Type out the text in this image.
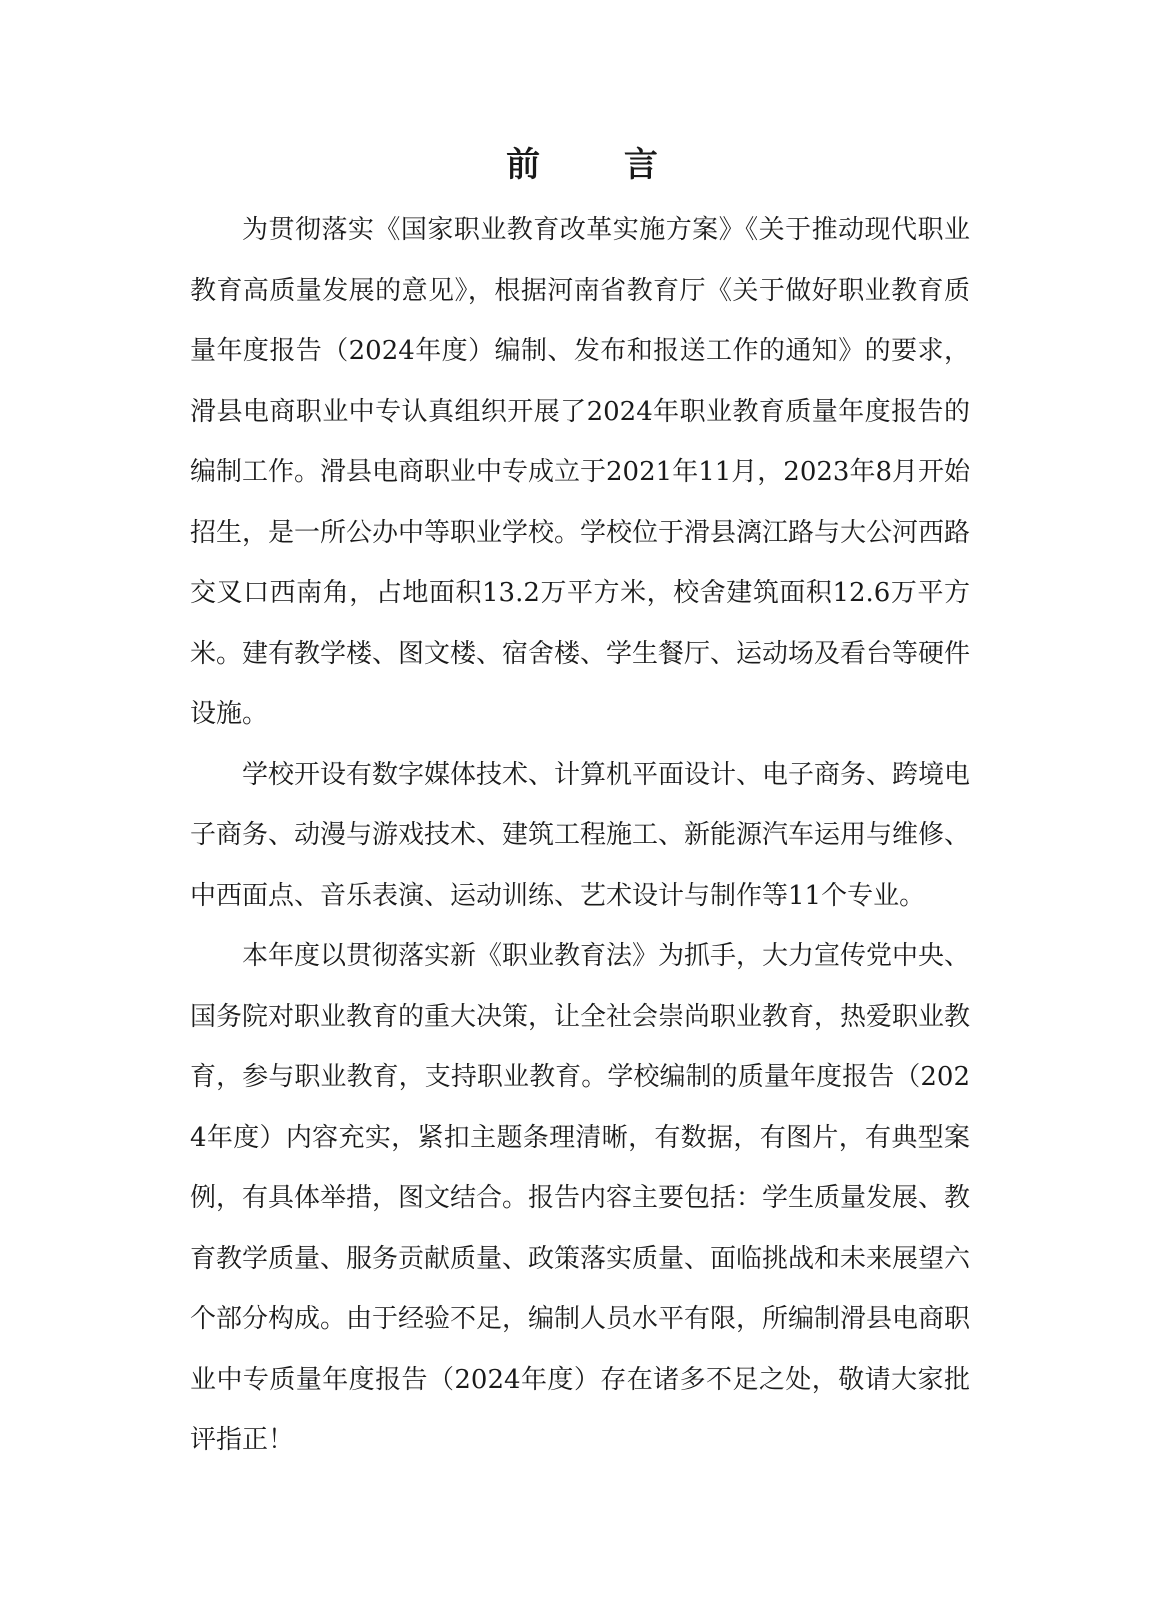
前 言

为贯彻落实《国家职业教育改革实施方案》《关于推动现代职业教育高质量发展的意见》，根据河南省教育厅《关于做好职业教育质量年度报告（2024年度）编制、发布和报送工作的通知》的要求，滑县电商职业中专认真组织开展了2024年职业教育质量年度报告的编制工作。滑县电商职业中专成立于2021年11月，2023年8月开始招生，是一所公办中等职业学校。学校位于滑县漓江路与大公河西路交叉口西南角，占地面积13.2万平方米，校舍建筑面积12.6万平方米。建有教学楼、图文楼、宿舍楼、学生餐厅、运动场及看台等硬件设施。

学校开设有数字媒体技术、计算机平面设计、电子商务、跨境电子商务、动漫与游戏技术、建筑工程施工、新能源汽车运用与维修、中西面点、音乐表演、运动训练、艺术设计与制作等11个专业。

本年度以贯彻落实新《职业教育法》为抓手，大力宣传党中央、国务院对职业教育的重大决策，让全社会崇尚职业教育，热爱职业教育，参与职业教育，支持职业教育。学校编制的质量年度报告（2024年度）内容充实，紧扣主题条理清晰，有数据，有图片，有典型案例，有具体举措，图文结合。报告内容主要包括：学生质量发展、教育教学质量、服务贡献质量、政策落实质量、面临挑战和未来展望六个部分构成。由于经验不足，编制人员水平有限，所编制滑县电商职业中专质量年度报告（2024年度）存在诸多不足之处，敬请大家批评指正！
